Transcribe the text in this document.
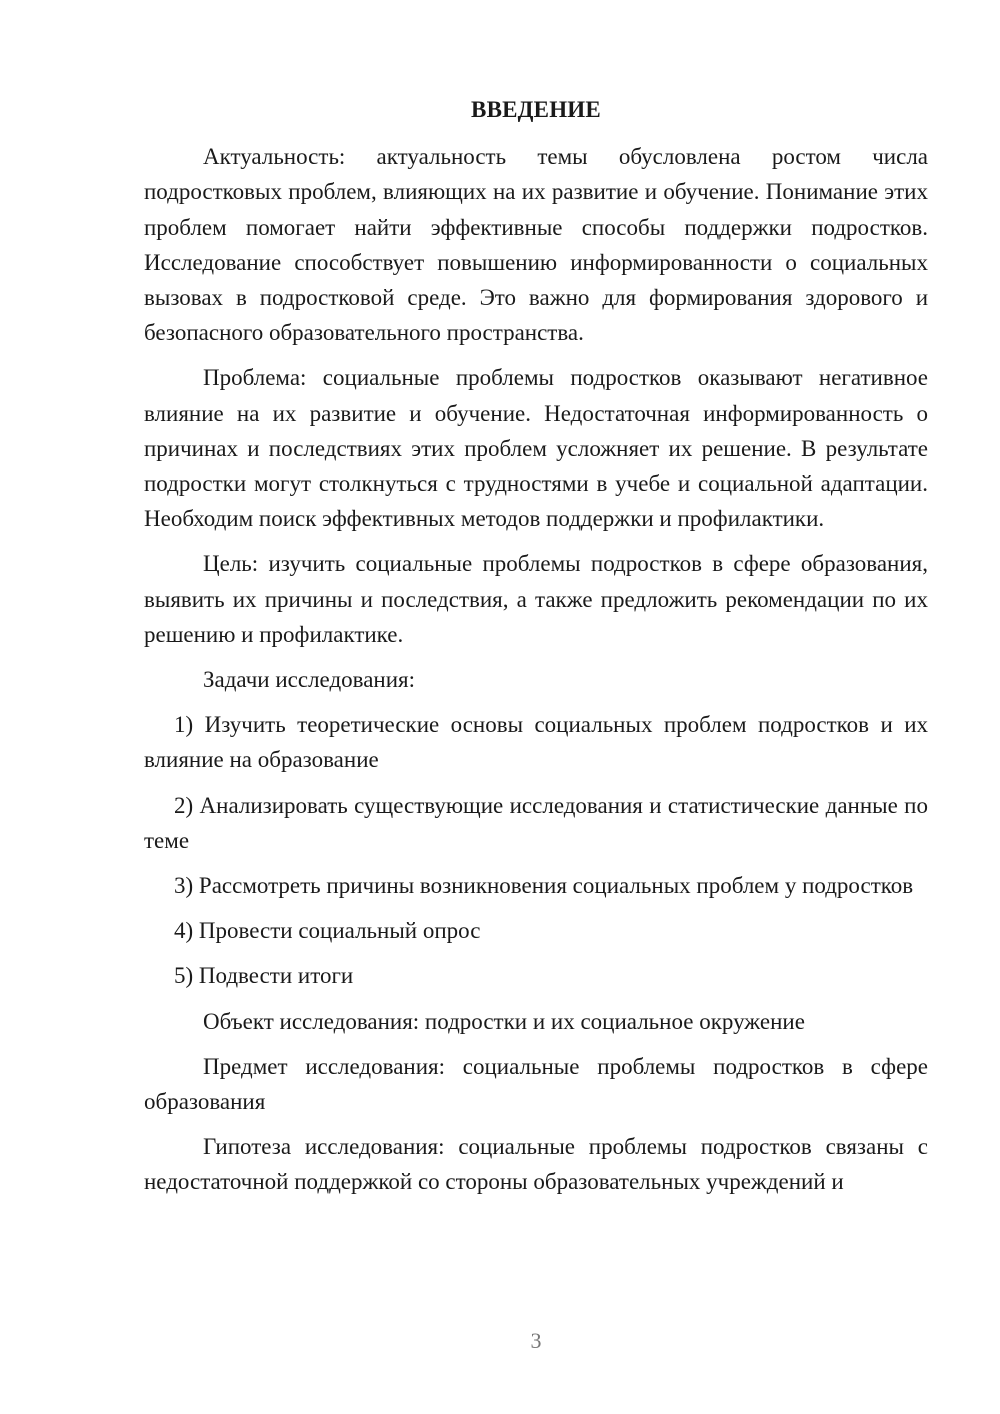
ВВЕДЕНИЕ

Актуальность: актуальность темы обусловлена ростом числа подростковых проблем, влияющих на их развитие и обучение. Понимание этих проблем помогает найти эффективные способы поддержки подростков. Исследование способствует повышению информированности о социальных вызовах в подростковой среде. Это важно для формирования здорового и безопасного образовательного пространства.

Проблема: социальные проблемы подростков оказывают негативное влияние на их развитие и обучение. Недостаточная информированность о причинах и последствиях этих проблем усложняет их решение. В результате подростки могут столкнуться с трудностями в учебе и социальной адаптации. Необходим поиск эффективных методов поддержки и профилактики.

Цель: изучить социальные проблемы подростков в сфере образования, выявить их причины и последствия, а также предложить рекомендации по их решению и профилактике.

Задачи исследования:

1) Изучить теоретические основы социальных проблем подростков и их влияние на образование

2) Анализировать существующие исследования и статистические данные по теме

3) Рассмотреть причины возникновения социальных проблем у подростков

4) Провести социальный опрос

5) Подвести итоги

Объект исследования: подростки и их социальное окружение

Предмет исследования: социальные проблемы подростков в сфере образования

Гипотеза исследования: социальные проблемы подростков связаны с недостаточной поддержкой со стороны образовательных учреждений и

3
